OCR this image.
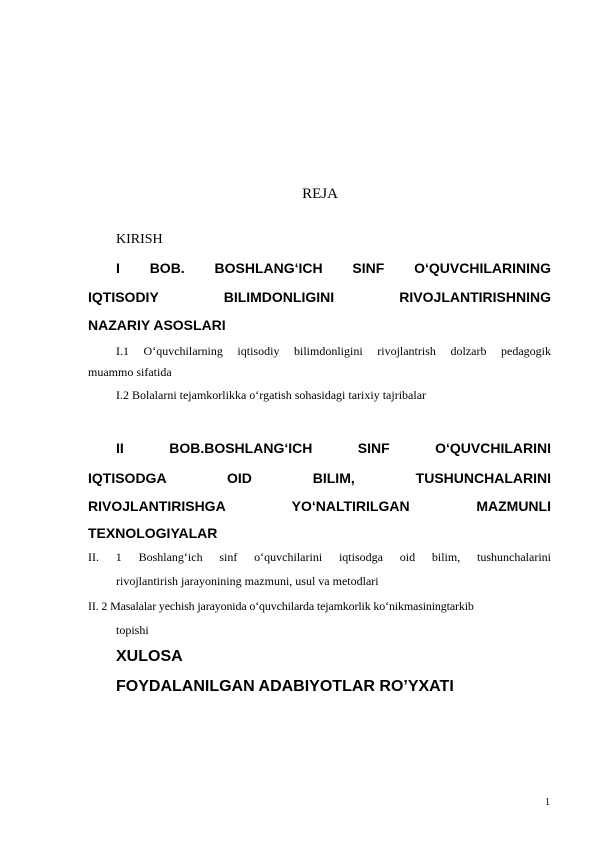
REJA
KIRISH
I BOB. BOSHLANG‘ICH SINF O‘QUVCHILARINING
IQTISODIY BILIMDONLIGINI RIVOJLANTIRISHNING
NAZARIY ASOSLARI
I.1 O‘quvchilarning iqtisodiy bilimdonligini rivojlantrish dolzarb pedagogik
muammo sifatida
I.2 Bolalarni tejamkorlikka o‘rgatish sohasidagi tarixiy tajribalar
II BOB.BOSHLANG‘ICH SINF O‘QUVCHILARINI
IQTISODGA OID BILIM, TUSHUNCHALARINI
RIVOJLANTIRISHGA YO‘NALTIRILGAN MAZMUNLI
TEXNOLOGIYALAR
II. 1 Boshlang‘ich sinf o‘quvchilarini iqtisodga oid bilim, tushunchalarini
rivojlantirish jarayonining mazmuni, usul va metodlari
II. 2 Masalalar yechish jarayonida o‘quvchilarda tejamkorlik ko‘nikmasiningtarkib
topishi
XULOSA
FOYDALANILGAN ADABIYOTLAR RO’YXATI
1
